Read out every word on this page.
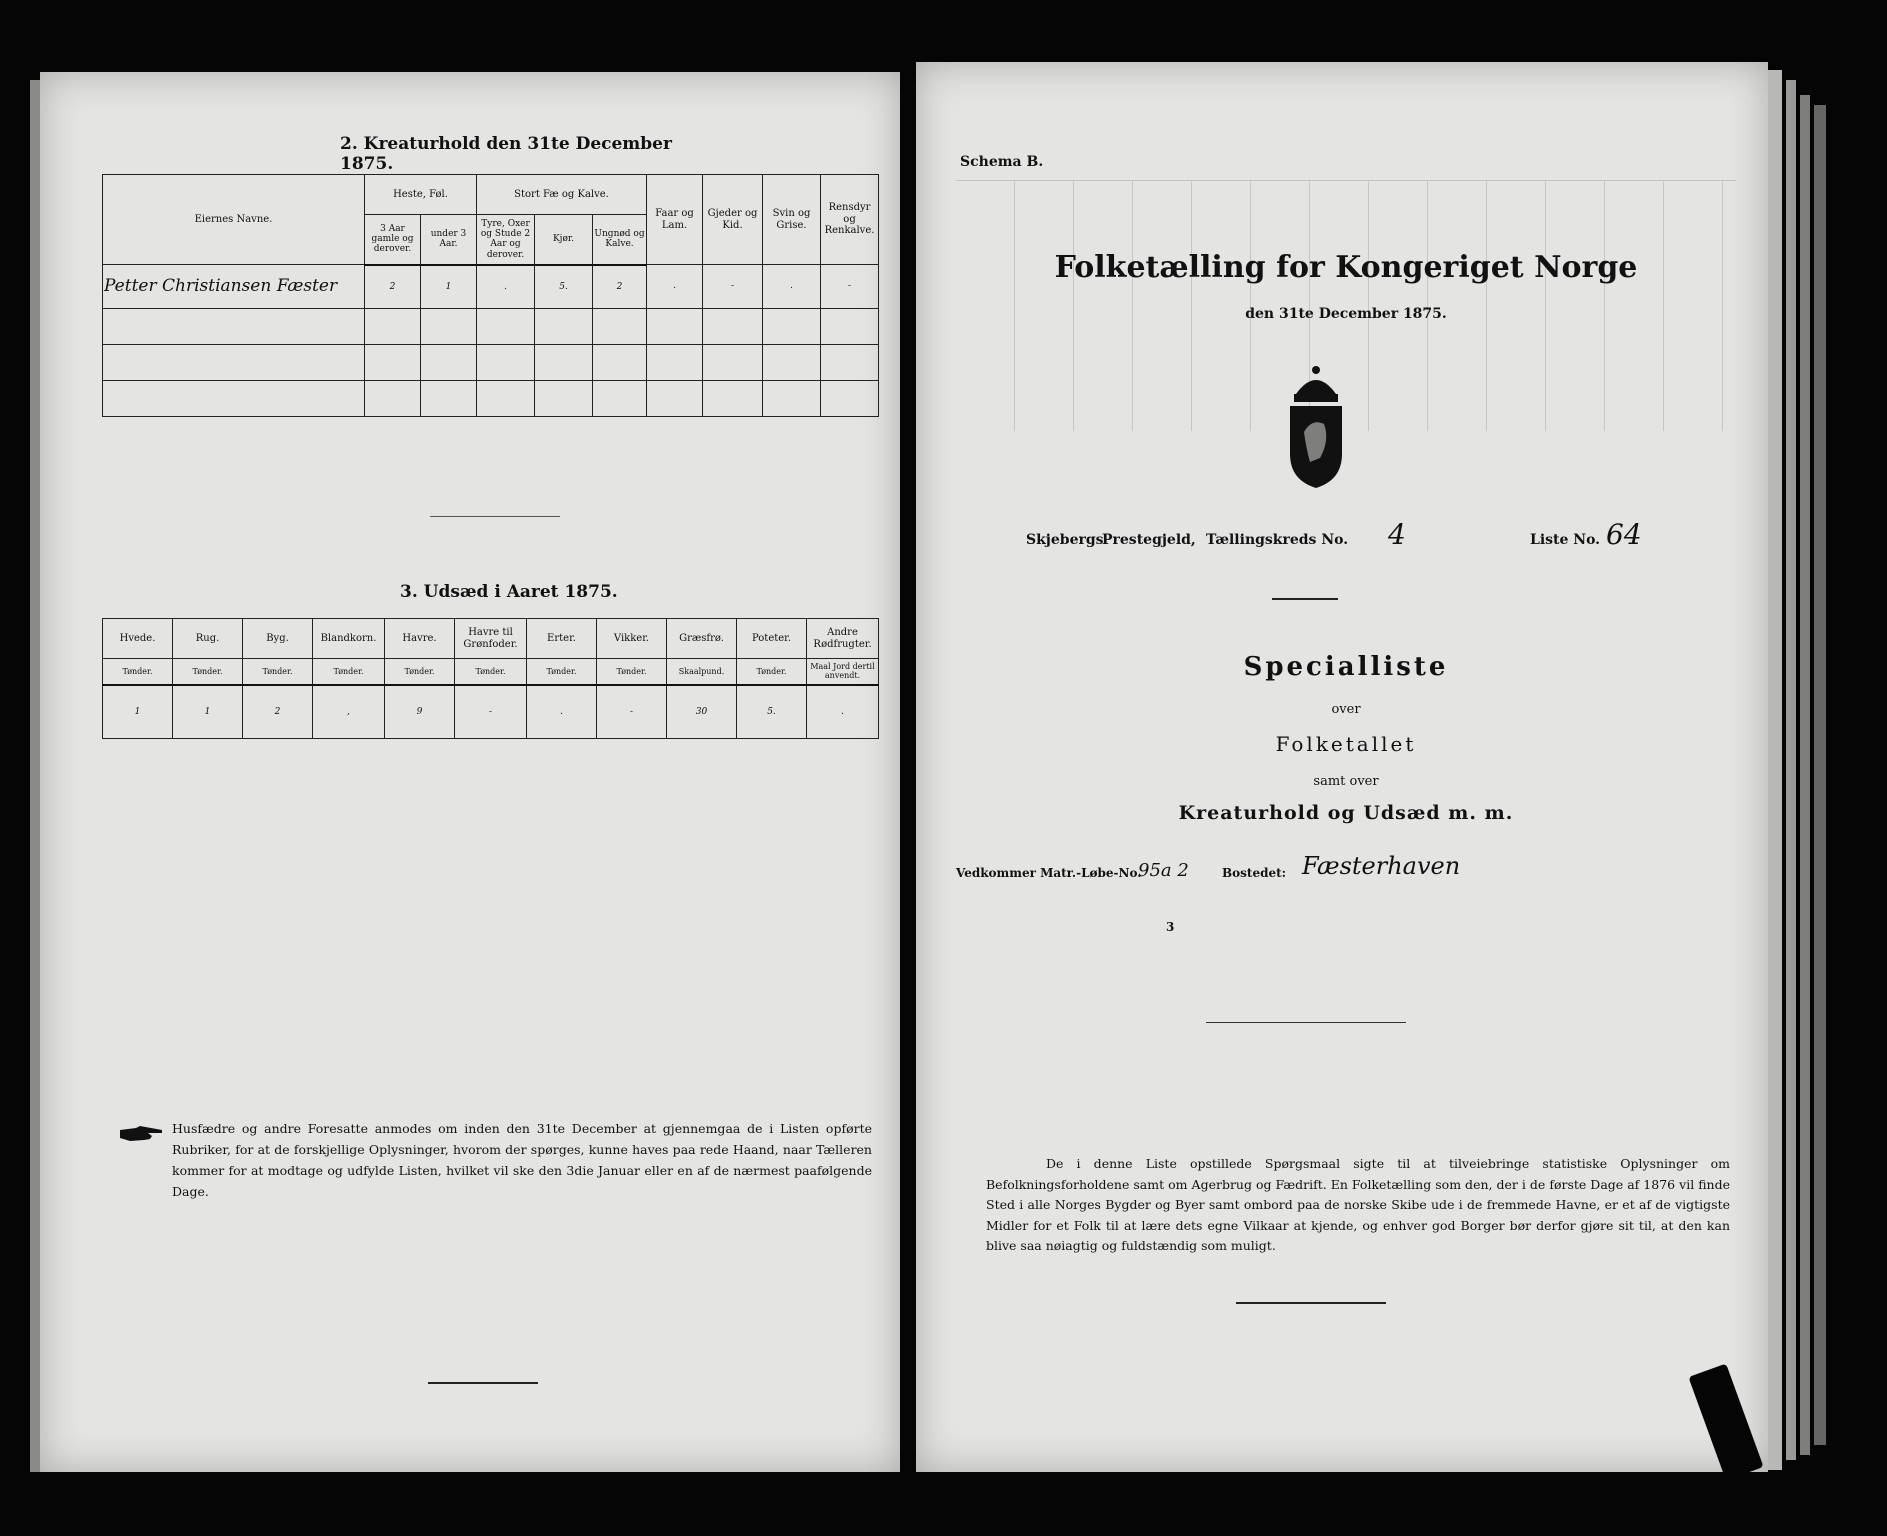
2. Kreaturhold den 31te December 1875.
Eiernes Navne.	Heste, Føl.		Stort Fæ og Kalve.			Faar og Lam.	Gjeder og Kid.	Svin og Grise.	Rensdyr og Renkalve.
	3 Aar gamle og derover.	under 3 Aar.	Tyre, Oxer og Stude 2 Aar og derover.	Kjør.	Ungnød og Kalve.				
Petter Christiansen Fæster	2	1	.	5.	2	.	-	.	-

3. Udsæd i Aaret 1875.
Hvede.	Rug.	Byg.	Blandkorn.	Havre.	Havre til Grønfoder.	Erter.	Vikker.	Græsfrø.	Poteter.	Andre Rødfrugter.
Tønder.	Tønder.	Tønder.	Tønder.	Tønder.	Tønder.	Tønder.	Tønder.	Skaalpund.	Tønder.	Maal Jord dertil anvendt.
1	1	2	,	9	-	.	-	30	5.	.
Husfædre og andre Foresatte anmodes om inden den 31te December at gjennemgaa de i Listen opførte Rubriker, for at de forskjellige Oplysninger, hvorom der spørges, kunne haves paa rede Haand, naar Tælleren kommer for at modtage og udfylde Listen, hvilket vil ske den 3die Januar eller en af de nærmest paafølgende Dage.
Schema B.
Folketælling for Kongeriget Norge
den 31te December 1875.
Skjebergs
Prestegjeld, Tællingskreds No. 4	Liste No. 64
Specialliste
over
Folketallet
samt over
Kreaturhold og Udsæd m. m.
Vedkommer Matr.-Løbe-No.
95a 2	Bostedet: Fæsterhaven
3
De i denne Liste opstillede Spørgsmaal sigte til at tilveiebringe statistiske Oplysninger om Befolkningsforholdene samt om Agerbrug og Fædrift. En Folketælling som den, der i de første Dage af 1876 vil finde Sted i alle Norges Bygder og Byer samt ombord paa de norske Skibe ude i de fremmede Havne, er et af de vigtigste Midler for et Folk til at lære dets egne Vilkaar at kjende, og enhver god Borger bør derfor gjøre sit til, at den kan blive saa nøiagtig og fuldstændig som muligt.
